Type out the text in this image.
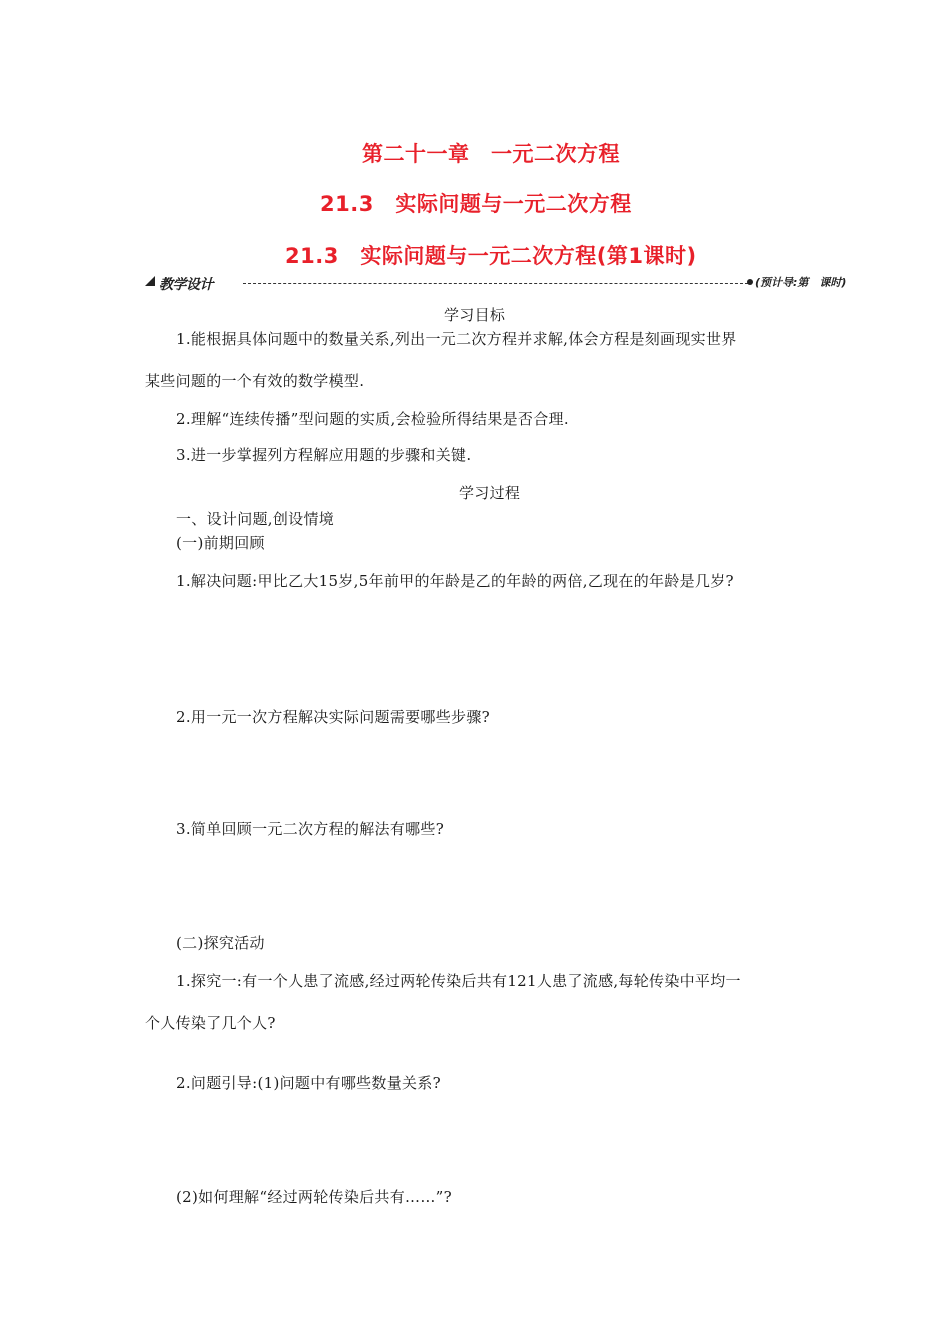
第二十一章　一元二次方程
21.3　实际问题与一元二次方程
21.3　实际问题与一元二次方程(第1课时)
教学设计	(预计导:第　课时)
学习目标
1.能根据具体问题中的数量关系,列出一元二次方程并求解,体会方程是刻画现实世界
某些问题的一个有效的数学模型.
2.理解“连续传播”型问题的实质,会检验所得结果是否合理.
3.进一步掌握列方程解应用题的步骤和关键.
学习过程
一、设计问题,创设情境
(一)前期回顾
1.解决问题:甲比乙大15岁,5年前甲的年龄是乙的年龄的两倍,乙现在的年龄是几岁?
2.用一元一次方程解决实际问题需要哪些步骤?
3.简单回顾一元二次方程的解法有哪些?
(二)探究活动
1.探究一:有一个人患了流感,经过两轮传染后共有121人患了流感,每轮传染中平均一
个人传染了几个人?
2.问题引导:(1)问题中有哪些数量关系?
(2)如何理解“经过两轮传染后共有……”?
